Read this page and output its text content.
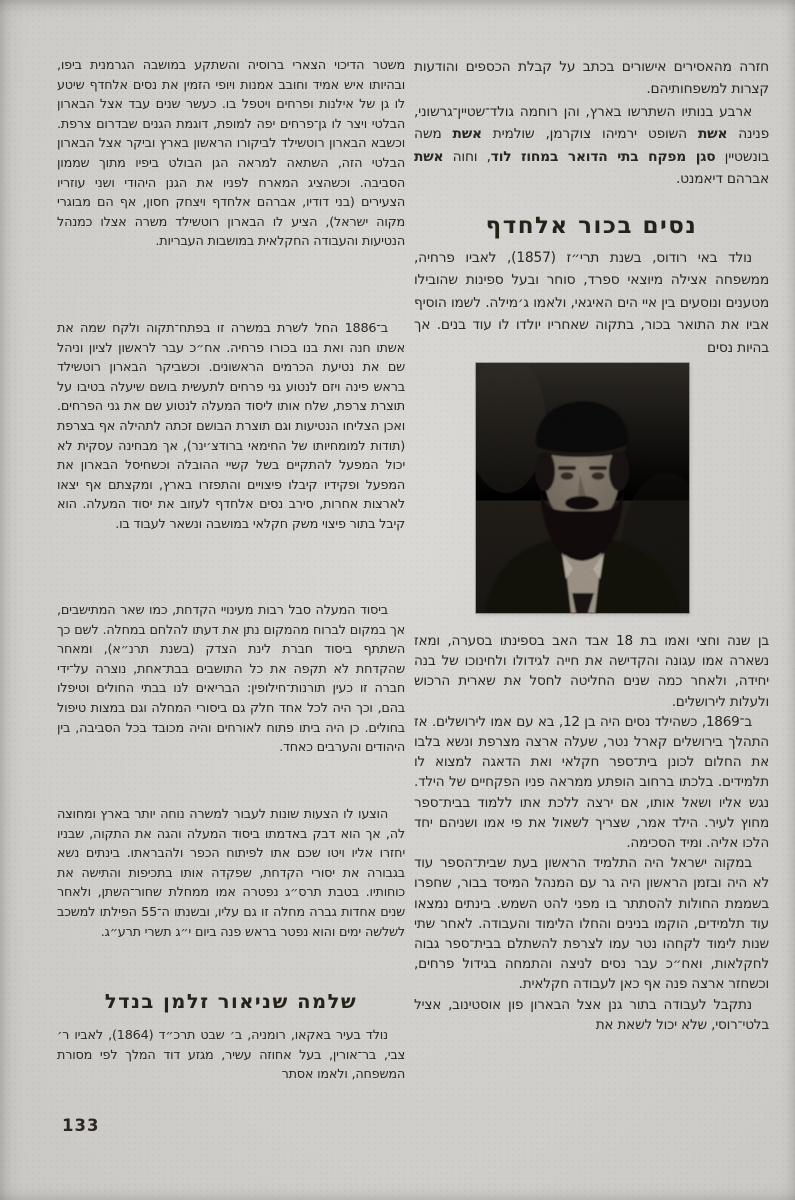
חזרה מהאסירים אישורים בכתב על קבלת הכספים והודעות קצרות למשפחותיהם.

ארבע בנותיו השתרשו בארץ, והן רוחמה גולד־שטיין־גרשוני, פנינה אשת השופט ירמיהו צוקרמן, שולמית אשת משה בונשטיין סגן מפקח בתי הדואר במחוז לוד, וחוה אשת אברהם דיאמנט.

נסים בכור אלחדף

נולד באי רודוס, בשנת תרי״ז (1857), לאביו פרחיה, ממשפחה אצילה מיוצאי ספרד, סוחר ובעל ספינות שהובילו מטענים ונוסעים בין איי הים האיגאי, ולאמו ג׳מילה. לשמו הוסיף אביו את התואר בכור, בתקוה שאחריו יולדו לו עוד בנים. אך בהיות נסים

בן שנה וחצי ואמו בת 18 אבד האב בספינתו בסערה, ומאז נשארה אמו עגונה והקדישה את חייה לגידולו ולחינוכו של בנה יחידה, ולאחר כמה שנים החליטה לחסל את שארית הרכוש ולעלות לירושלים.

ב־1869, כשהילד נסים היה בן 12, בא עם אמו לירושלים. אז התהלך בירושלים קארל נטר, שעלה ארצה מצרפת ונשא בלבו את החלום לכונן בית־ספר חקלאי ואת הדאגה למצוא לו תלמידים. בלכתו ברחוב הופתע ממראה פניו הפקחיים של הילד. נגש אליו ושאל אותו, אם ירצה ללכת אתו ללמוד בבית־ספר מחוץ לעיר. הילד אמר, שצריך לשאול את פי אמו ושניהם יחד הלכו אליה. ומיד הסכימה.

במקוה ישראל היה התלמיד הראשון בעת שבית־הספר עוד לא היה ובזמן הראשון היה גר עם המנהל המיסד בבור, שחפרו בשממת החולות להסתתר בו מפני להט השמש. בינתים נמצאו עוד תלמידים, הוקמו בנינים והחלו הלימוד והעבודה. לאחר שתי שנות לימוד לקחהו נטר עמו לצרפת להשתלם בבית־ספר גבוה לחקלאות, ואח״כ עבר נסים לניצה והתמחה בגידול פרחים, וכשחזר ארצה פנה אף כאן לעבודה חקלאית.

נתקבל לעבודה בתור גנן אצל הבארון פון אוסטינוב, אציל בלטי־רוסי, שלא יכול לשאת את

משטר הדיכוי הצארי ברוסיה והשתקע במושבה הגרמנית ביפו, ובהיותו איש אמיד וחובב אמנות ויופי הזמין את נסים אלחדף שיטע לו גן של אילנות ופרחים ויטפל בו. כעשר שנים עבד אצל הבארון הבלטי ויצר לו גן־פרחים יפה למופת, דוגמת הגנים שבדרום צרפת. וכשבא הבארון רוטשילד לביקורו הראשון בארץ וביקר אצל הבארון הבלטי הזה, השתאה למראה הגן הבולט ביפיו מתוך שממון הסביבה. וכשהציג המארח לפניו את הגנן היהודי ושני עוזריו הצעירים (בני דודיו, אברהם אלחדף ויצחק חסון, אף הם מבוגרי מקוה ישראל), הציע לו הבארון רוטשילד משרה אצלו כמנהל הנטיעות והעבודה החקלאית במושבות העבריות.

ב־1886 החל לשרת במשרה זו בפתח־תקוה ולקח שמה את אשתו חנה ואת בנו בכורו פרחיה. אח״כ עבר לראשון לציון וניהל שם את נטיעת הכרמים הראשונים. וכשביקר הבארון רוטשילד בראש פינה ויזם לנטוע גני פרחים לתעשית בושם שיעלה בטיבו על תוצרת צרפת, שלח אותו ליסוד המעלה לנטוע שם את גני הפרחים. ואכן הצליחו הנטיעות וגם תוצרת הבושם זכתה לתהילה אף בצרפת (תודות למומחיותו של החימאי ברודצ׳ינר), אך מבחינה עסקית לא יכול המפעל להתקיים בשל קשיי ההובלה וכשחיסל הבארון את המפעל ופקידיו קיבלו פיצויים והתפזרו בארץ, ומקצתם אף יצאו לארצות אחרות, סירב נסים אלחדף לעזוב את יסוד המעלה. הוא קיבל בתור פיצוי משק חקלאי במושבה ונשאר לעבוד בו.

ביסוד המעלה סבל רבות מעינויי הקדחת, כמו שאר המתישבים, אך במקום לברוח מהמקום נתן את דעתו להלחם במחלה. לשם כך השתתף ביסוד חברת לינת הצדק (בשנת תרנ״א), ומאחר שהקדחת לא תקפה את כל התושבים בבת־אחת, נוצרה על־ידי חברה זו כעין תורנות־חילופין: הבריאים לנו בבתי החולים וטיפלו בהם, וכך היה לכל אחד חלק גם ביסורי המחלה וגם במצות טיפול בחולים. כן היה ביתו פתוח לאורחים והיה מכובד בכל הסביבה, בין היהודים והערבים כאחד.

הוצעו לו הצעות שונות לעבור למשרה נוחה יותר בארץ ומחוצה לה, אך הוא דבק באדמתו ביסוד המעלה והגה את התקוה, שבניו יחזרו אליו ויטו שכם אתו לפיתוח הכפר ולהבראתו. בינתים נשא בגבורה את יסורי הקדחת, שפקדה אותו בתכיפות והתישה את כוחותיו. בטבת תרס״ג נפטרה אמו ממחלת שחור־השתן, ולאחר שנים אחדות גברה מחלה זו גם עליו, ובשנתו ה־55 הפילתו למשכב לשלשה ימים והוא נפטר בראש פנה ביום י״ג תשרי תרע״ג.

שלמה שניאור זלמן בנדל

נולד בעיר באקאו, רומניה, ב׳ שבט תרכ״ד (1864), לאביו ר׳ צבי, בר־אורין, בעל אחוזה עשיר, מגזע דוד המלך לפי מסורת המשפחה, ולאמו אסתר

133
